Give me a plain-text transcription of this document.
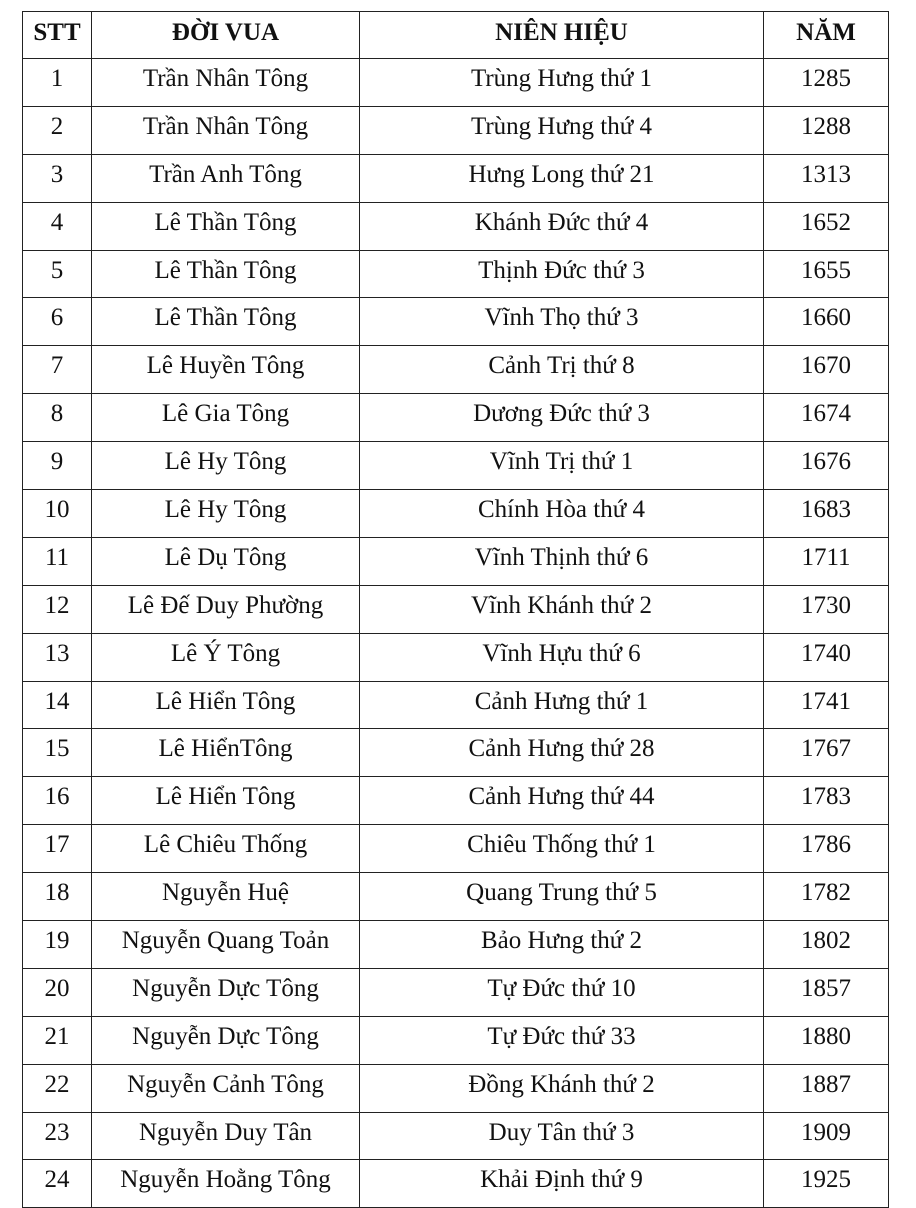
STT	ĐỜI VUA	NIÊN HIỆU	NĂM
1	Trần Nhân Tông	Trùng Hưng thứ 1	1285
2	Trần Nhân Tông	Trùng Hưng thứ 4	1288
3	Trần Anh Tông	Hưng Long thứ 21	1313
4	Lê Thần Tông	Khánh Đức thứ 4	1652
5	Lê Thần Tông	Thịnh Đức thứ 3	1655
6	Lê Thần Tông	Vĩnh Thọ thứ 3	1660
7	Lê Huyền Tông	Cảnh Trị thứ 8	1670
8	Lê Gia Tông	Dương Đức thứ 3	1674
9	Lê Hy Tông	Vĩnh Trị thứ 1	1676
10	Lê Hy Tông	Chính Hòa thứ 4	1683
11	Lê Dụ Tông	Vĩnh Thịnh thứ 6	1711
12	Lê Đế Duy Phường	Vĩnh Khánh thứ 2	1730
13	Lê Ý Tông	Vĩnh Hựu thứ 6	1740
14	Lê Hiển Tông	Cảnh Hưng thứ 1	1741
15	Lê HiểnTông	Cảnh Hưng thứ 28	1767
16	Lê Hiển Tông	Cảnh Hưng thứ 44	1783
17	Lê Chiêu Thống	Chiêu Thống thứ 1	1786
18	Nguyễn Huệ	Quang Trung thứ 5	1782
19	Nguyễn Quang Toản	Bảo Hưng thứ 2	1802
20	Nguyễn Dực Tông	Tự Đức thứ 10	1857
21	Nguyễn Dực Tông	Tự Đức thứ 33	1880
22	Nguyễn Cảnh Tông	Đồng Khánh thứ 2	1887
23	Nguyễn Duy Tân	Duy Tân thứ 3	1909
24	Nguyễn Hoằng Tông	Khải Định thứ 9	1925
